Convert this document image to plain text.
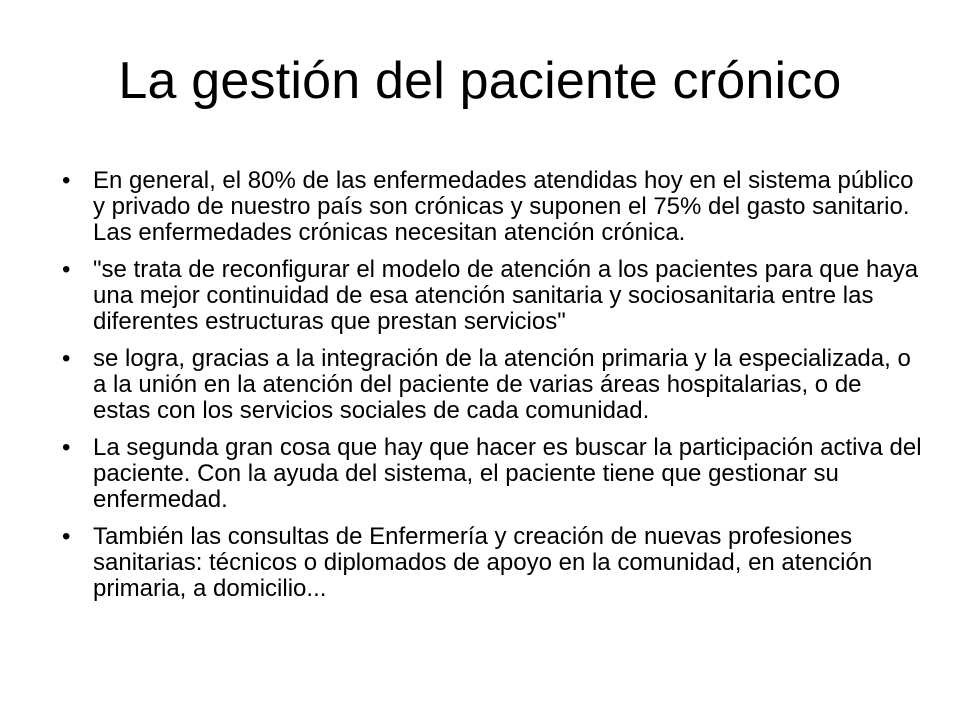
La gestión del paciente crónico
• En general, el 80% de las enfermedades atendidas hoy en el sistema público y privado de nuestro país son crónicas y suponen el 75% del gasto sanitario. Las enfermedades crónicas necesitan atención crónica.
• "se trata de reconfigurar el modelo de atención a los pacientes para que haya una mejor continuidad de esa atención sanitaria y sociosanitaria entre las diferentes estructuras que prestan servicios"
• se logra, gracias a la integración de la atención primaria y la especializada, o a la unión en la atención del paciente de varias áreas hospitalarias, o de estas con los servicios sociales de cada comunidad.
• La segunda gran cosa que hay que hacer es buscar la participación activa del paciente. Con la ayuda del sistema, el paciente tiene que gestionar su enfermedad.
• También las consultas de Enfermería y creación de nuevas profesiones sanitarias: técnicos o diplomados de apoyo en la comunidad, en atención primaria, a domicilio...
